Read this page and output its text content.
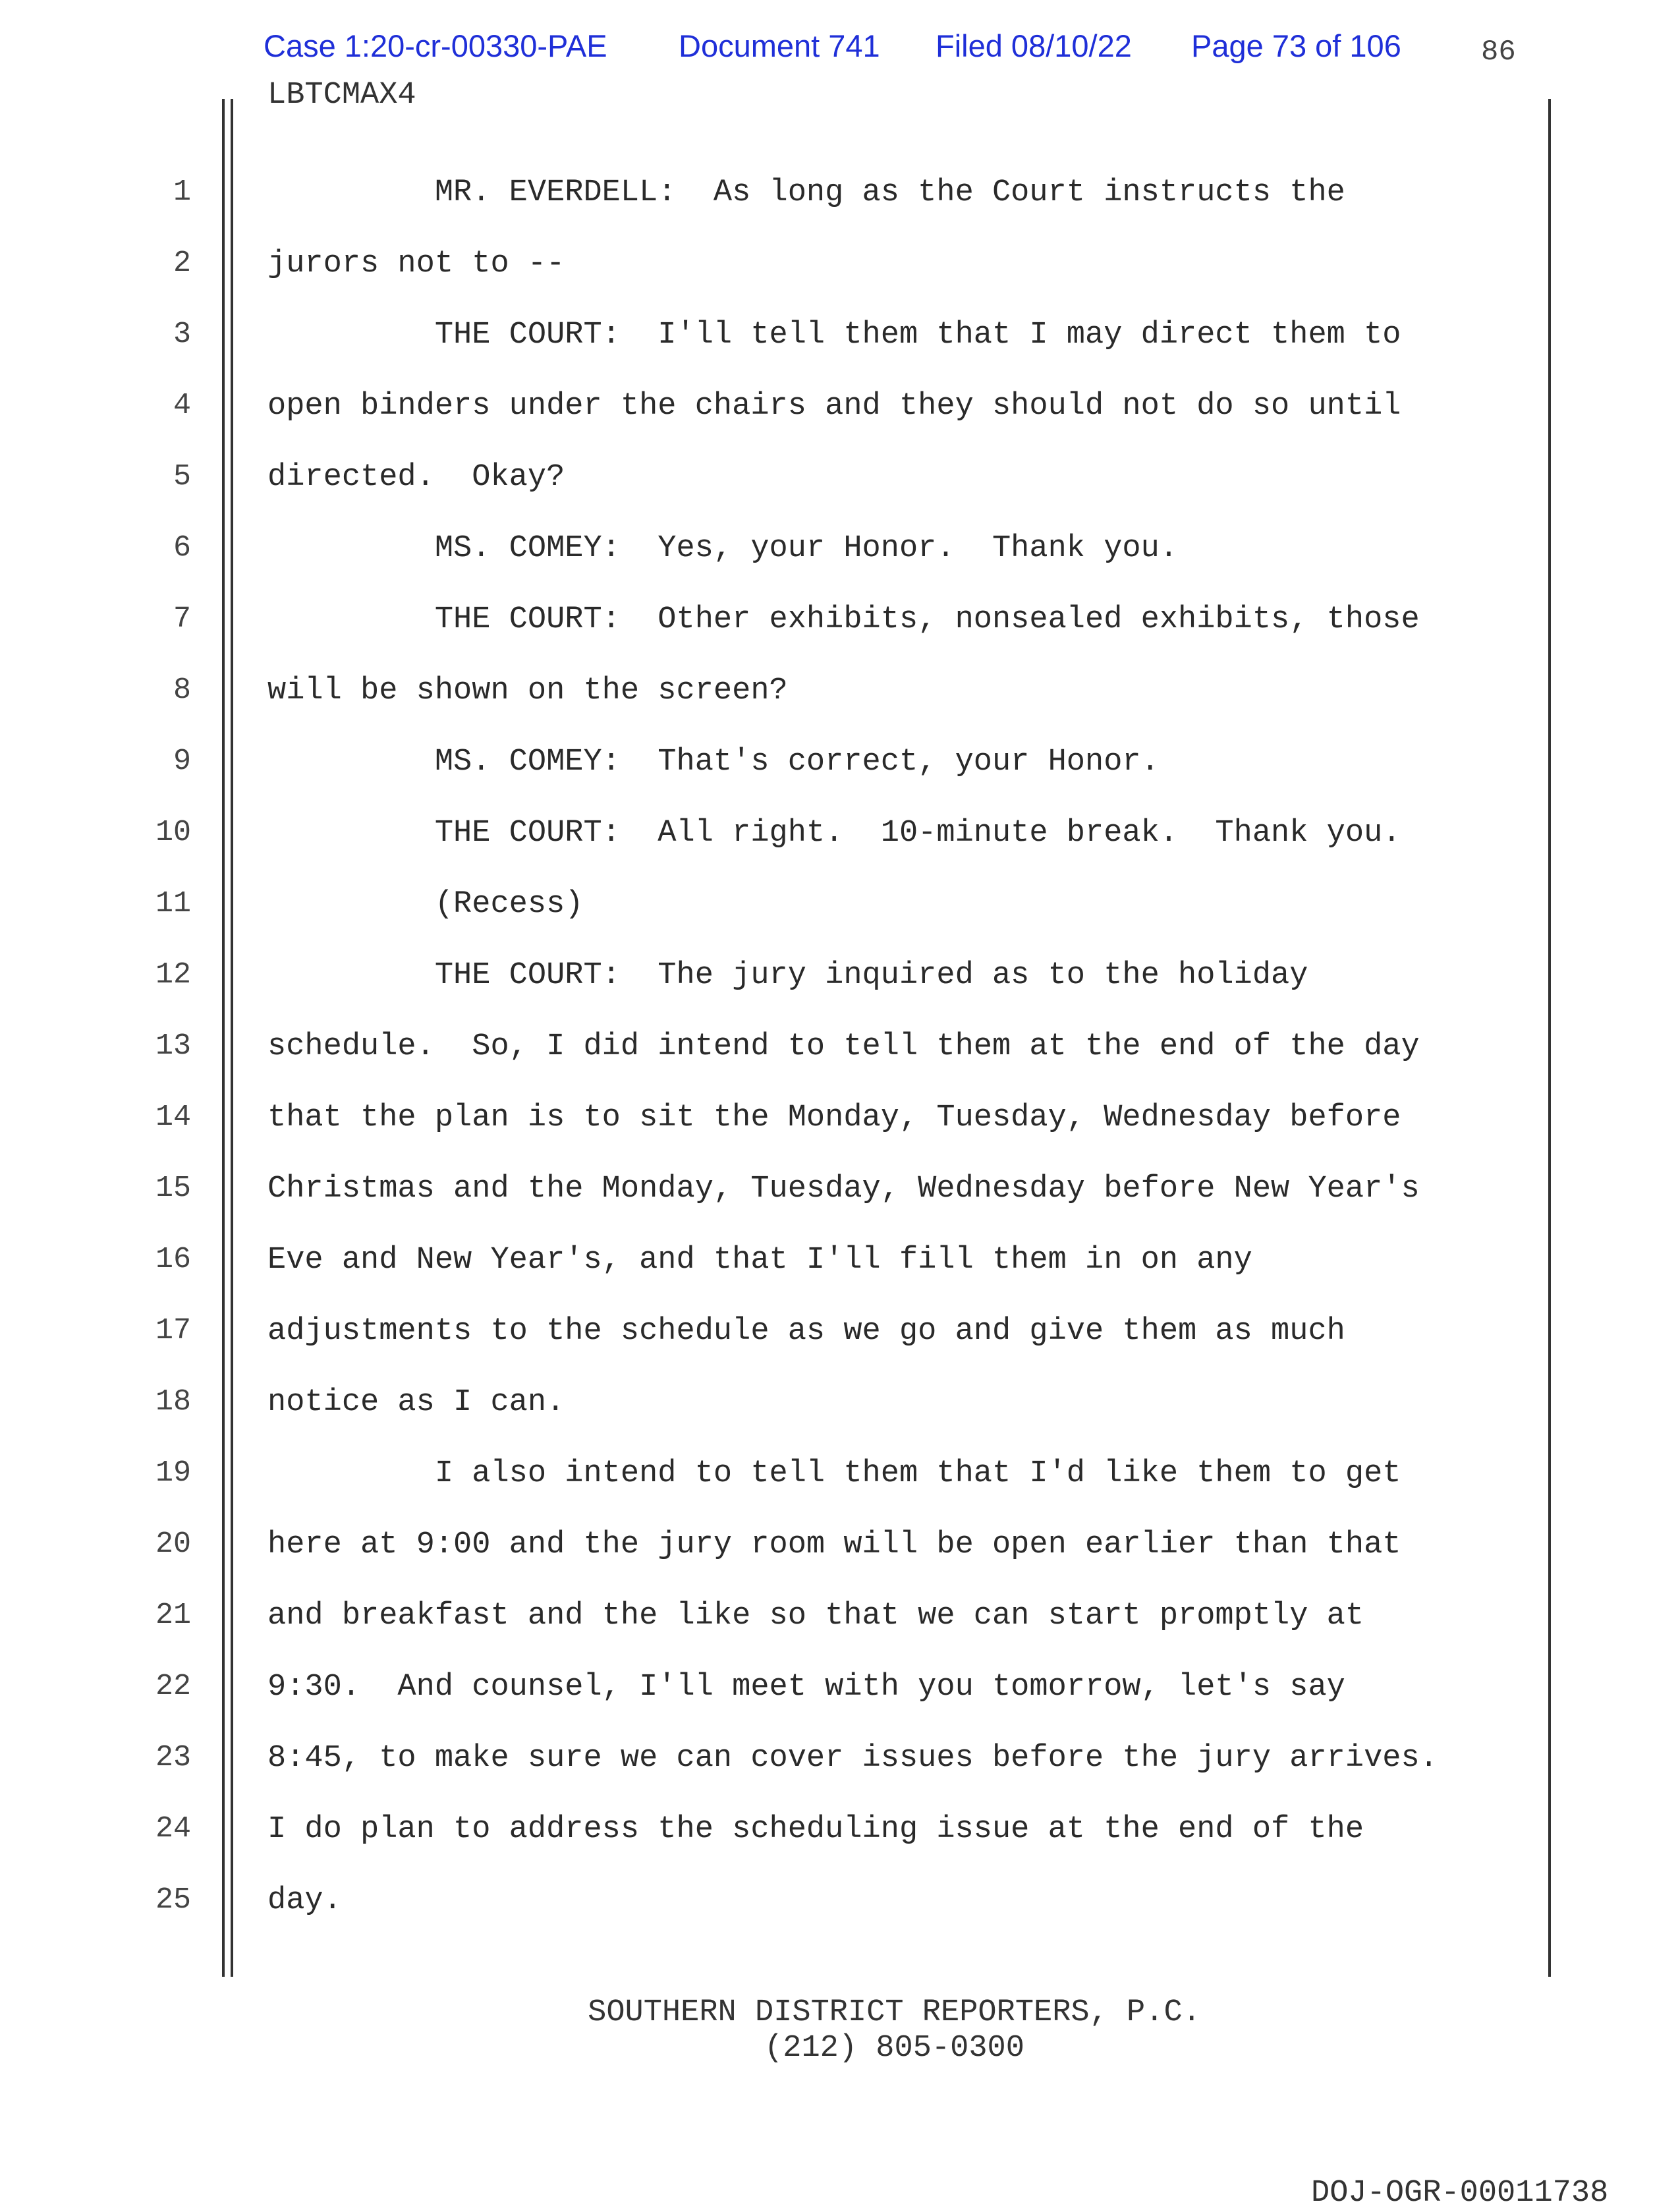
Case 1:20-cr-00330-PAE Document 741 Filed 08/10/22 Page 73 of 106	86
LBTCMAX4
1 MR. EVERDELL:  As long as the Court instructs the
2 jurors not to --
3 THE COURT:  I'll tell them that I may direct them to
4 open binders under the chairs and they should not do so until
5 directed.  Okay?
6 MS. COMEY:  Yes, your Honor.  Thank you.
7 THE COURT:  Other exhibits, nonsealed exhibits, those
8 will be shown on the screen?
9 MS. COMEY:  That's correct, your Honor.
10 THE COURT:  All right.  10-minute break.  Thank you.
11 (Recess)
12 THE COURT:  The jury inquired as to the holiday
13 schedule.  So, I did intend to tell them at the end of the day
14 that the plan is to sit the Monday, Tuesday, Wednesday before
15 Christmas and the Monday, Tuesday, Wednesday before New Year's
16 Eve and New Year's, and that I'll fill them in on any
17 adjustments to the schedule as we go and give them as much
18 notice as I can.
19 I also intend to tell them that I'd like them to get
20 here at 9:00 and the jury room will be open earlier than that
21 and breakfast and the like so that we can start promptly at
22 9:30.  And counsel, I'll meet with you tomorrow, let's say
23 8:45, to make sure we can cover issues before the jury arrives.
24 I do plan to address the scheduling issue at the end of the
25 day.
SOUTHERN DISTRICT REPORTERS, P.C.
(212) 805-0300
DOJ-OGR-00011738
